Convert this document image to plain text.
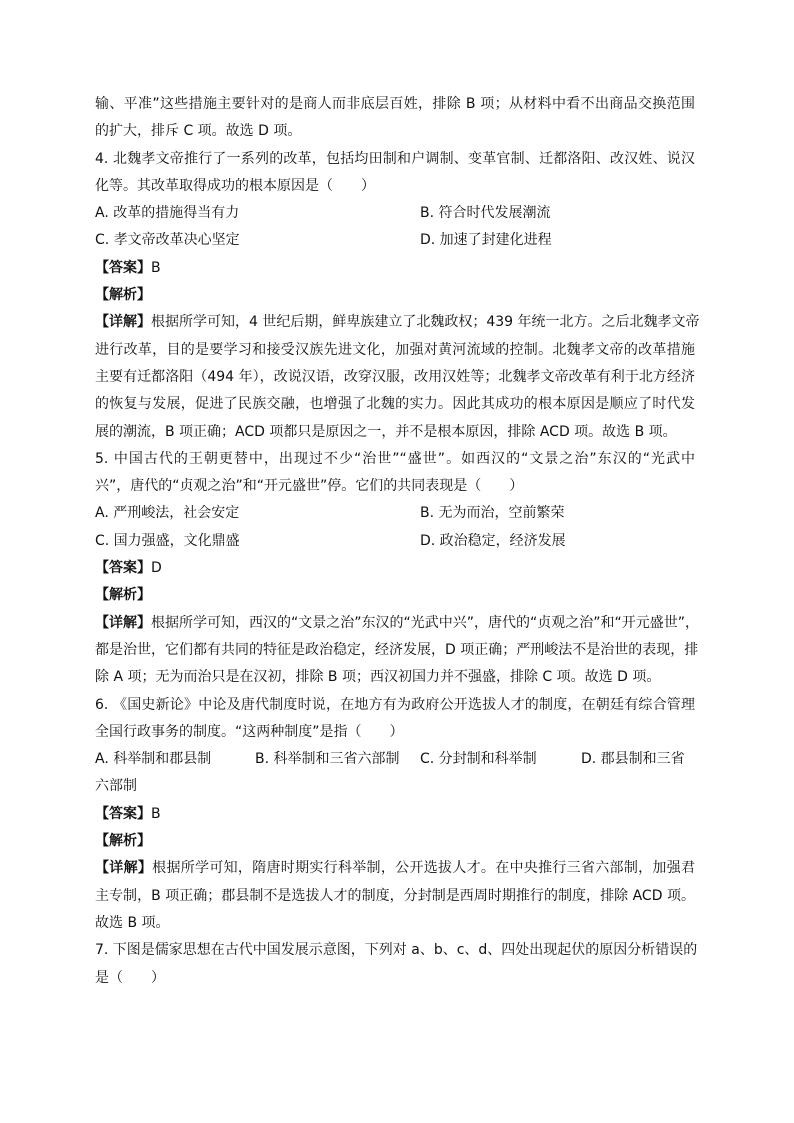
输、平准”这些措施主要针对的是商人而非底层百姓，排除 B 项；从材料中看不出商品交换范围
的扩大，排斥 C 项。故选 D 项。
4. 北魏孝文帝推行了一系列的改革，包括均田制和户调制、变革官制、迁都洛阳、改汉姓、说汉
化等。其改革取得成功的根本原因是（　　）
A. 改革的措施得当有力	B. 符合时代发展潮流
C. 孝文帝改革决心坚定	D. 加速了封建化进程
【答案】B
【解析】
【详解】根据所学可知，4 世纪后期，鲜卑族建立了北魏政权；439 年统一北方。之后北魏孝文帝
进行改革，目的是要学习和接受汉族先进文化，加强对黄河流域的控制。北魏孝文帝的改革措施
主要有迁都洛阳（494 年），改说汉语，改穿汉服，改用汉姓等；北魏孝文帝改革有利于北方经济
的恢复与发展，促进了民族交融，也增强了北魏的实力。因此其成功的根本原因是顺应了时代发
展的潮流，B 项正确；ACD 项都只是原因之一，并不是根本原因，排除 ACD 项。故选 B 项。
5. 中国古代的王朝更替中，出现过不少“治世”“盛世”。如西汉的“文景之治”东汉的“光武中
兴”，唐代的“贞观之治”和“开元盛世”停。它们的共同表现是（　　）
A. 严刑峻法，社会安定	B. 无为而治，空前繁荣
C. 国力强盛，文化鼎盛	D. 政治稳定，经济发展
【答案】D
【解析】
【详解】根据所学可知，西汉的“文景之治”东汉的“光武中兴”，唐代的“贞观之治”和“开元盛世”，
都是治世，它们都有共同的特征是政治稳定，经济发展，D 项正确；严刑峻法不是治世的表现，排
除 A 项；无为而治只是在汉初，排除 B 项；西汉初国力并不强盛，排除 C 项。故选 D 项。
6. 《国史新论》中论及唐代制度时说，在地方有为政府公开选拔人才的制度，在朝廷有综合管理
全国行政事务的制度。“这两种制度”是指（　　）
A. 科举制和郡县制	B. 科举制和三省六部制 C. 分封制和科举制	D. 郡县制和三省
六部制
【答案】B
【解析】
【详解】根据所学可知，隋唐时期实行科举制，公开选拔人才。在中央推行三省六部制，加强君
主专制，B 项正确；郡县制不是选拔人才的制度，分封制是西周时期推行的制度，排除 ACD 项。
故选 B 项。
7. 下图是儒家思想在古代中国发展示意图，下列对 a、b、c、d、四处出现起伏的原因分析错误的
是（　　）
